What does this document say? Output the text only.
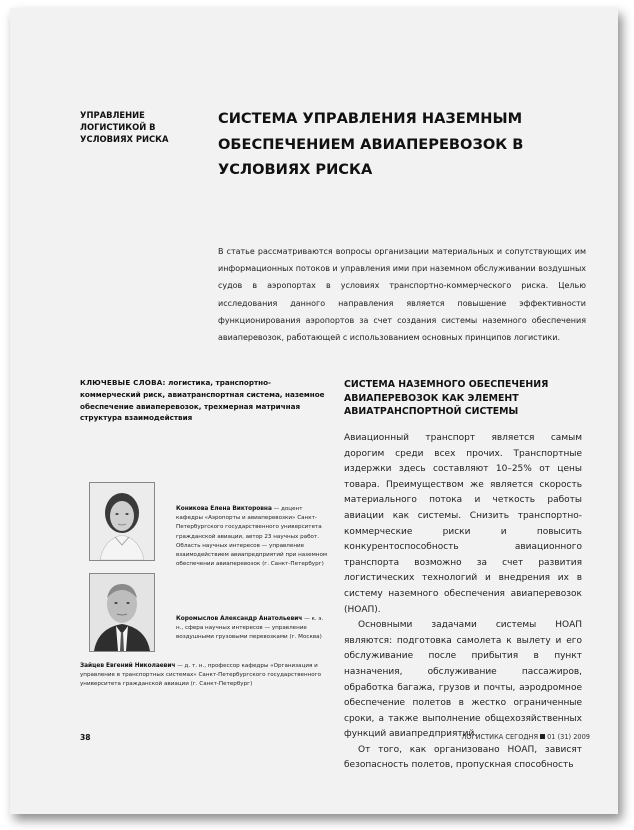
УПРАВЛЕНИЕ ЛОГИСТИКОЙ В УСЛОВИЯХ РИСКА
СИСТЕМА УПРАВЛЕНИЯ НАЗЕМНЫМ ОБЕСПЕЧЕНИЕМ АВИАПЕРЕВОЗОК В УСЛОВИЯХ РИСКА
В статье рассматриваются вопросы организации материальных и сопутствующих им информационных потоков и управления ими при наземном обслуживании воздушных судов в аэропортах в условиях транспортно-коммерческого риска. Целью исследования данного направления является повышение эффективности функционирования аэропортов за счет создания системы наземного обеспечения авиаперевозок, работающей с использованием основных принципов логистики.
КЛЮЧЕВЫЕ СЛОВА: логистика, транспортно-коммерческий риск, авиатранспортная система, наземное обеспечение авиаперевозок, трехмерная матричная структура взаимодействия
СИСТЕМА НАЗЕМНОГО ОБЕСПЕЧЕНИЯ АВИАПЕРЕВОЗОК КАК ЭЛЕМЕНТ АВИАТРАНСПОРТНОЙ СИСТЕМЫ

Авиационный транспорт является самым дорогим среди всех прочих. Транспортные издержки здесь составляют 10–25% от цены товара. Преимуществом же является скорость материального потока и четкость работы авиации как системы. Снизить транспортно-коммерческие риски и повысить конкурентоспособность авиационного транспорта возможно за счет развития логистических технологий и внедрения их в систему наземного обеспечения авиаперевозок (НОАП).

Основными задачами системы НОАП являются: подготовка самолета к вылету и его обслуживание после прибытия в пункт назначения, обслуживание пассажиров, обработка багажа, грузов и почты, аэродромное обеспечение полетов в жестко ограниченные сроки, а также выполнение общехозяйственных функций авиапредприятий.

От того, как организовано НОАП, зависят безопасность полетов, пропускная способность

Коникова Елена Викторовна — доцент кафедры «Аэропорты и авиаперевозки» Санкт-Петербургского государственного университета гражданской авиации, автор 23 научных работ. Область научных интересов — управление взаимодействием авиапредприятий при наземном обеспечении авиаперевозок (г. Санкт-Петербург)
Коромыслов Александр Анатольевич — к. э. н., сфера научных интересов — управление воздушными грузовыми перевозками (г. Москва)
Зайцев Евгений Николаевич — д. т. н., профессор кафедры «Организация и управление в транспортных системах» Санкт-Петербургского государственного университета гражданской авиации (г. Санкт-Петербург)
38	ЛОГИСТИКА СЕГОДНЯ 01 (31) 2009
